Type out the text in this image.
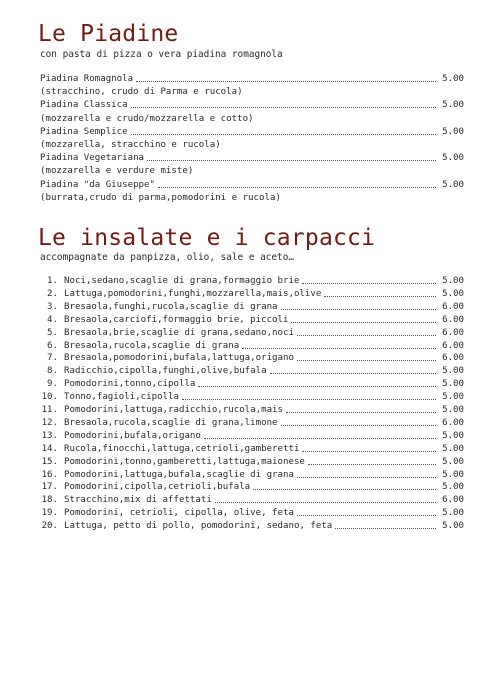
Le Piadine
con pasta di pizza o vera piadina romagnola
Piadina Romagnola	5.00
(stracchino, crudo di Parma e rucola)
Piadina Classica	5.00
(mozzarella e crudo/mozzarella e cotto)
Piadina Semplice	5.00
(mozzarella, stracchino e rucola)
Piadina Vegetariana	5.00
(mozzarella e verdure miste)
Piadina "da Giuseppe"	5.00
(burrata,crudo di parma,pomodorini e rucola)
Le insalate e i carpacci
accompagnate da panpizza, olio, sale e aceto…
1. Noci,sedano,scaglie di grana,formaggio brie	5.00
2. Lattuga,pomodorini,funghi,mozzarella,mais,olive	5.00
3. Bresaola,funghi,rucola,scaglie di grana	6.00
4. Bresaola,carciofi,formaggio brie, piccoli	6.00
5. Bresaola,brie,scaglie di grana,sedano,noci	6.00
6. Bresaola,rucola,scaglie di grana	6.00
7. Bresaola,pomodorini,bufala,lattuga,origano	6.00
8. Radicchio,cipolla,funghi,olive,bufala	5.00
9. Pomodorini,tonno,cipolla	5.00
10. Tonno,fagioli,cipolla	5.00
11. Pomodorini,lattuga,radicchio,rucola,mais	5.00
12. Bresaola,rucola,scaglie di grana,limone	6.00
13. Pomodorini,bufala,origano	5.00
14. Rucola,finocchi,lattuga,cetrioli,gamberetti	5.00
15. Pomodorini,tonno,gamberetti,lattuga,maionese	5.00
16. Pomodorini,lattuga,bufala,scaglie di grana	5.00
17. Pomodorini,cipolla,cetrioli,bufala	5.00
18. Stracchino,mix di affettati	6.00
19. Pomodorini, cetrioli, cipolla, olive, feta	5.00
20. Lattuga, petto di pollo, pomodorini, sedano, feta	5.00
